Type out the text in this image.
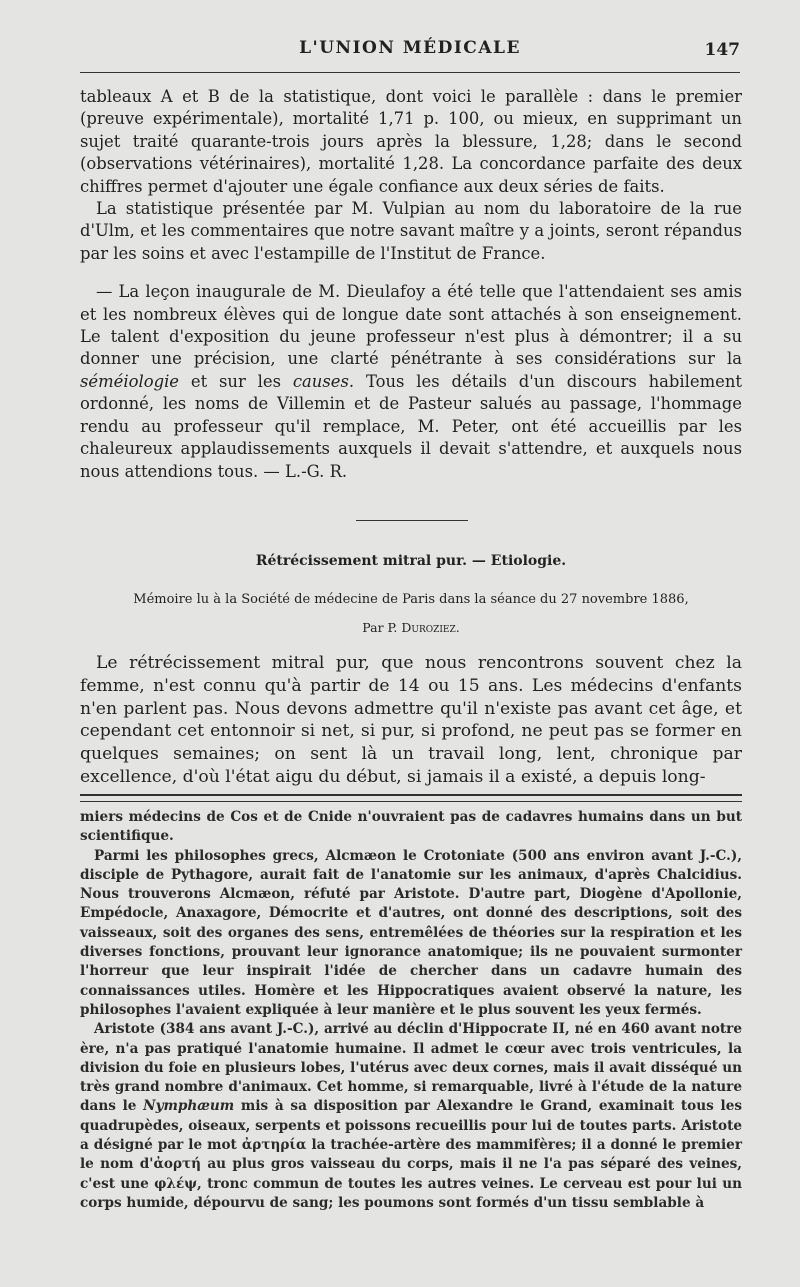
L'UNION MÉDICALE	147

tableaux A et B de la statistique, dont voici le parallèle : dans le premier (preuve expérimentale), mortalité 1,71 p. 100, ou mieux, en supprimant un sujet traité quarante-trois jours après la blessure, 1,28; dans le second (observations vétérinaires), mortalité 1,28. La concordance parfaite des deux chiffres permet d'ajouter une égale confiance aux deux séries de faits.

La statistique présentée par M. Vulpian au nom du laboratoire de la rue d'Ulm, et les commentaires que notre savant maître y a joints, seront répandus par les soins et avec l'estampille de l'Institut de France.

— La leçon inaugurale de M. Dieulafoy a été telle que l'attendaient ses amis et les nombreux élèves qui de longue date sont attachés à son enseignement. Le talent d'exposition du jeune professeur n'est plus à démontrer; il a su donner une précision, une clarté pénétrante à ses considérations sur la séméiologie et sur les causes. Tous les détails d'un discours habilement ordonné, les noms de Villemin et de Pasteur salués au passage, l'hommage rendu au professeur qu'il remplace, M. Peter, ont été accueillis par les chaleureux applaudissements auxquels il devait s'attendre, et auxquels nous nous attendions tous. — L.-G. R.

Rétrécissement mitral pur. — Etiologie.
Mémoire lu à la Société de médecine de Paris dans la séance du 27 novembre 1886,
Par P. Duroziez.

Le rétrécissement mitral pur, que nous rencontrons souvent chez la femme, n'est connu qu'à partir de 14 ou 15 ans. Les médecins d'enfants n'en parlent pas. Nous devons admettre qu'il n'existe pas avant cet âge, et cependant cet entonnoir si net, si pur, si profond, ne peut pas se former en quelques semaines; on sent là un travail long, lent, chronique par excellence, d'où l'état aigu du début, si jamais il a existé, a depuis long-

miers médecins de Cos et de Cnide n'ouvraient pas de cadavres humains dans un but scientifique.

Parmi les philosophes grecs, Alcmæon le Crotoniate (500 ans environ avant J.-C.), disciple de Pythagore, aurait fait de l'anatomie sur les animaux, d'après Chalcidius. Nous trouverons Alcmæon, réfuté par Aristote. D'autre part, Diogène d'Apollonie, Empédocle, Anaxagore, Démocrite et d'autres, ont donné des descriptions, soit des vaisseaux, soit des organes des sens, entremêlées de théories sur la respiration et les diverses fonctions, prouvant leur ignorance anatomique; ils ne pouvaient surmonter l'horreur que leur inspirait l'idée de chercher dans un cadavre humain des connaissances utiles. Homère et les Hippocratiques avaient observé la nature, les philosophes l'avaient expliquée à leur manière et le plus souvent les yeux fermés.

Aristote (384 ans avant J.-C.), arrivé au déclin d'Hippocrate II, né en 460 avant notre ère, n'a pas pratiqué l'anatomie humaine. Il admet le cœur avec trois ventricules, la division du foie en plusieurs lobes, l'utérus avec deux cornes, mais il avait disséqué un très grand nombre d'animaux. Cet homme, si remarquable, livré à l'étude de la nature dans le Nymphæum mis à sa disposition par Alexandre le Grand, examinait tous les quadrupèdes, oiseaux, serpents et poissons recueillis pour lui de toutes parts. Aristote a désigné par le mot ἀρτηρία la trachée-artère des mammifères; il a donné le premier le nom d'ἀορτή au plus gros vaisseau du corps, mais il ne l'a pas séparé des veines, c'est une φλέψ, tronc commun de toutes les autres veines. Le cerveau est pour lui un corps humide, dépourvu de sang; les poumons sont formés d'un tissu semblable à
